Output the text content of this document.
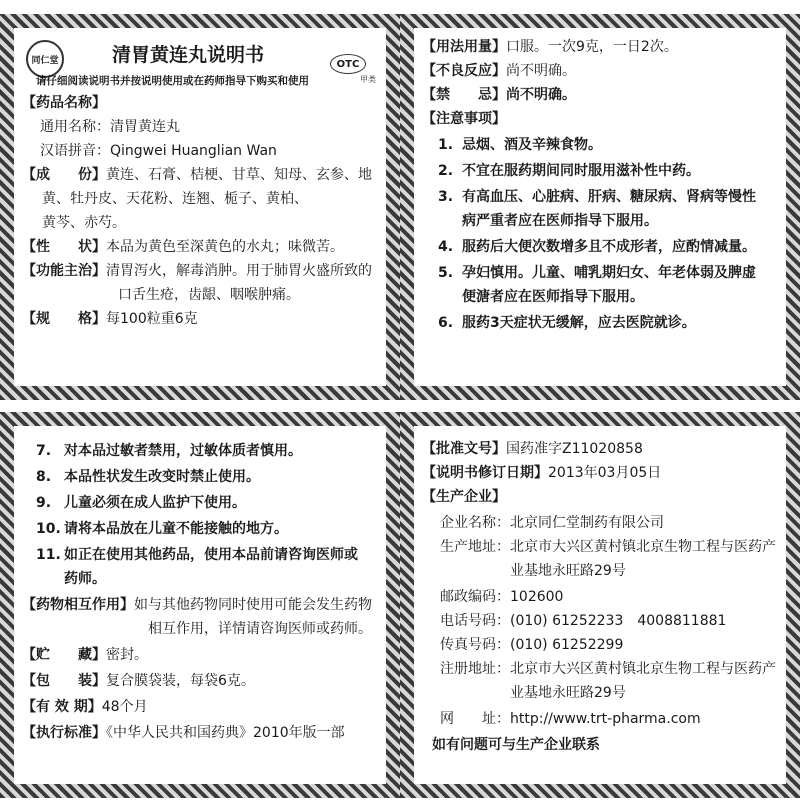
同仁堂	清胃黄连丸说明书	OTC
甲类
请仔细阅读说明书并按说明使用或在药师指导下购买和使用
【药品名称】
通用名称：清胃黄连丸
汉语拼音：Qingwei Huanglian Wan
【成　　份】黄连、石膏、桔梗、甘草、知母、玄参、地
黄、牡丹皮、天花粉、连翘、栀子、黄柏、
黄芩、赤芍。
【性　　状】本品为黄色至深黄色的水丸；味微苦。
【功能主治】清胃泻火，解毒消肿。用于肺胃火盛所致的
口舌生疮，齿龈、咽喉肿痛。
【规　　格】每100粒重6克
【用法用量】口服。一次9克，一日2次。
【不良反应】尚不明确。
【禁　　忌】尚不明确。
【注意事项】
1. 忌烟、酒及辛辣食物。
2. 不宜在服药期间同时服用滋补性中药。
3. 有高血压、心脏病、肝病、糖尿病、肾病等慢性
病严重者应在医师指导下服用。
4. 服药后大便次数增多且不成形者，应酌情减量。
5. 孕妇慎用。儿童、哺乳期妇女、年老体弱及脾虚
便溏者应在医师指导下服用。
6. 服药3天症状无缓解，应去医院就诊。
7. 对本品过敏者禁用，过敏体质者慎用。
8. 本品性状发生改变时禁止使用。
9. 儿童必须在成人监护下使用。
10. 请将本品放在儿童不能接触的地方。
11. 如正在使用其他药品，使用本品前请咨询医师或
药师。
【药物相互作用】如与其他药物同时使用可能会发生药物
相互作用，详情请咨询医师或药师。
【贮　　藏】密封。
【包　　装】复合膜袋装，每袋6克。
【有 效 期】48个月
【执行标准】《中华人民共和国药典》2010年版一部
【批准文号】国药准字Z11020858
【说明书修订日期】2013年03月05日
【生产企业】
企业名称：北京同仁堂制药有限公司
生产地址：北京市大兴区黄村镇北京生物工程与医药产
业基地永旺路29号
邮政编码：102600
电话号码：(010) 61252233　4008811881
传真号码：(010) 61252299
注册地址：北京市大兴区黄村镇北京生物工程与医药产
业基地永旺路29号
网　　址：http://www.trt-pharma.com
如有问题可与生产企业联系
